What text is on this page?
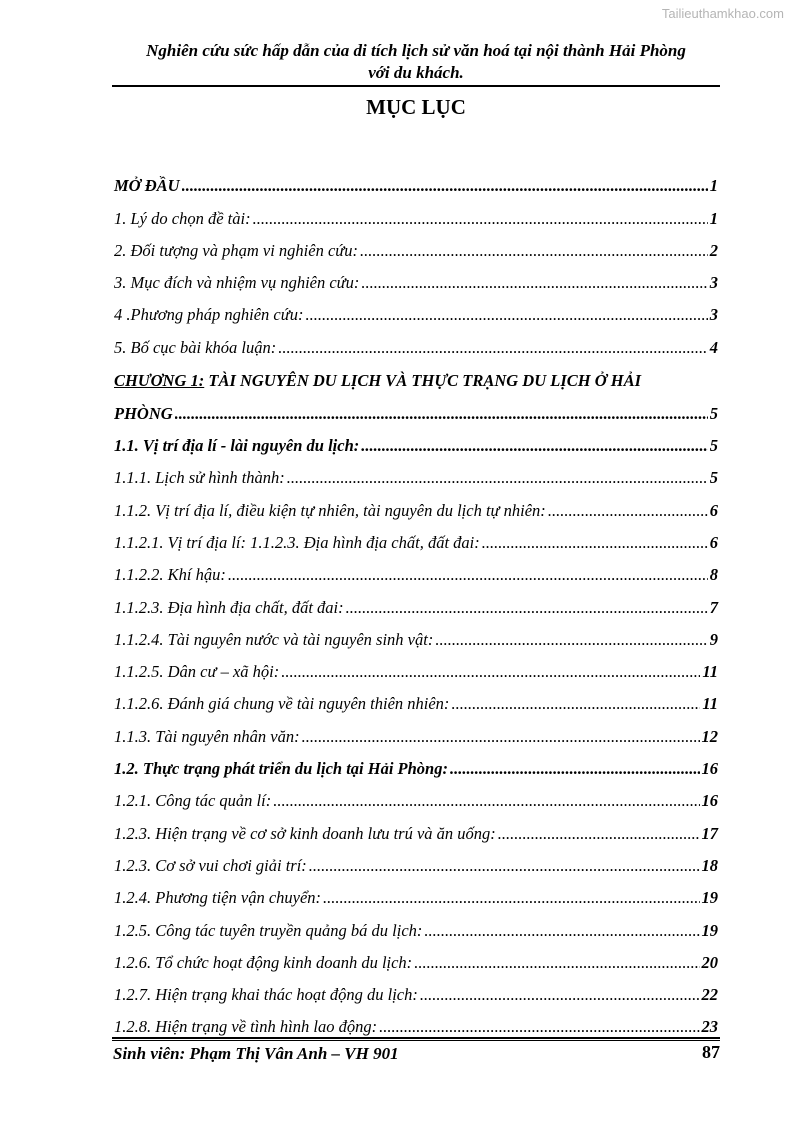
Tailieuthamkhao.com
Nghiên cứu sức hấp dẫn của di tích lịch sử văn hoá tại nội thành Hải Phòng
với du khách.
MỤC LỤC
MỞ ĐẦU .....	1
1. Lý do chọn đề tài: .....	1
2. Đối tượng và phạm vi nghiên cứu: .....	2
3. Mục đích và nhiệm vụ nghiên cứu: .....	3
4 .Phương pháp nghiên cứu: .....	3
5. Bố cục bài khóa luận: .....	4
CHƯƠNG 1: TÀI NGUYÊN DU LỊCH VÀ THỰC TRẠNG DU LỊCH Ở HẢI
PHÒNG .....	5
1.1. Vị trí địa lí - lài nguyên du lịch: .....	5
1.1.1. Lịch sử hình thành: .....	5
1.1.2. Vị trí địa lí, điều kiện tự nhiên, tài nguyên du lịch tự nhiên: .....	6
1.1.2.1. Vị trí địa lí: 1.1.2.3. Địa hình địa chất, đất đai: .....	6
1.1.2.2. Khí hậu: .....	8
1.1.2.3. Địa hình địa chất, đất đai: .....	7
1.1.2.4. Tài nguyên nước và tài nguyên sinh vật: .....	9
1.1.2.5. Dân cư – xã hội: .....	11
1.1.2.6. Đánh giá chung về tài nguyên thiên nhiên: .....	11
1.1.3. Tài nguyên nhân văn: .....	12
1.2. Thực trạng phát triển du lịch tại Hải Phòng: .....	16
1.2.1. Công tác quản lí: .....	16
1.2.3. Hiện trạng về cơ sở kinh doanh lưu trú và ăn uống: .....	17
1.2.3. Cơ sở vui chơi giải trí: .....	18
1.2.4. Phương tiện vận chuyển: .....	19
1.2.5. Công tác tuyên truyền quảng bá du lịch: .....	19
1.2.6. Tổ chức hoạt động kinh doanh du lịch: .....	20
1.2.7. Hiện trạng khai thác hoạt động du lịch: .....	22
1.2.8. Hiện trạng về tình hình lao động: .....	23
Sinh viên: Phạm Thị Vân Anh – VH 901	87
